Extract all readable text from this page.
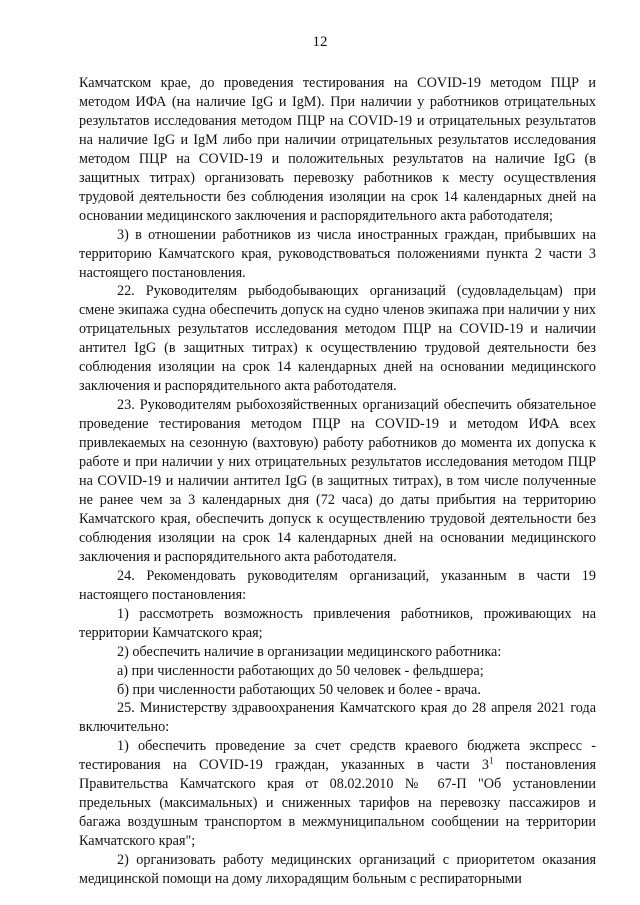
12

Камчатском крае, до проведения тестирования на COVID-19 методом ПЦР и методом ИФА (на наличие IgG и IgM). При наличии у работников отрицательных результатов исследования методом ПЦР на COVID-19 и отрицательных результатов на наличие IgG и IgM либо при наличии отрицательных результатов исследования методом ПЦР на COVID-19 и положительных результатов на наличие IgG (в защитных титрах) организовать перевозку работников к месту осуществления трудовой деятельности без соблюдения изоляции на срок 14 календарных дней на основании медицинского заключения и распорядительного акта работодателя;

3) в отношении работников из числа иностранных граждан, прибывших на территорию Камчатского края, руководствоваться положениями пункта 2 части 3 настоящего постановления.

22. Руководителям рыбодобывающих организаций (судовладельцам) при смене экипажа судна обеспечить допуск на судно членов экипажа при наличии у них отрицательных результатов исследования методом ПЦР на COVID-19 и наличии антител IgG (в защитных титрах) к осуществлению трудовой деятельности без соблюдения изоляции на срок 14 календарных дней на основании медицинского заключения и распорядительного акта работодателя.

23. Руководителям рыбохозяйственных организаций обеспечить обязательное проведение тестирования методом ПЦР на COVID-19 и методом ИФА всех привлекаемых на сезонную (вахтовую) работу работников до момента их допуска к работе и при наличии у них отрицательных результатов исследования методом ПЦР на COVID-19 и наличии антител IgG (в защитных титрах), в том числе полученные не ранее чем за 3 календарных дня (72 часа) до даты прибытия на территорию Камчатского края, обеспечить допуск к осуществлению трудовой деятельности без соблюдения изоляции на срок 14 календарных дней на основании медицинского заключения и распорядительного акта работодателя.

24. Рекомендовать руководителям организаций, указанным в части 19 настоящего постановления:

1) рассмотреть возможность привлечения работников, проживающих на территории Камчатского края;

2) обеспечить наличие в организации медицинского работника:

а) при численности работающих до 50 человек - фельдшера;

б) при численности работающих 50 человек и более - врача.

25. Министерству здравоохранения Камчатского края до 28 апреля 2021 года включительно:

1) обеспечить проведение за счет средств краевого бюджета экспресс - тестирования на COVID-19 граждан, указанных в части $3^1$ постановления Правительства Камчатского края от 08.02.2010 № 67-П "Об установлении предельных (максимальных) и сниженных тарифов на перевозку пассажиров и багажа воздушным транспортом в межмуниципальном сообщении на территории Камчатского края";

2) организовать работу медицинских организаций с приоритетом оказания медицинской помощи на дому лихорадящим больным с респираторными
